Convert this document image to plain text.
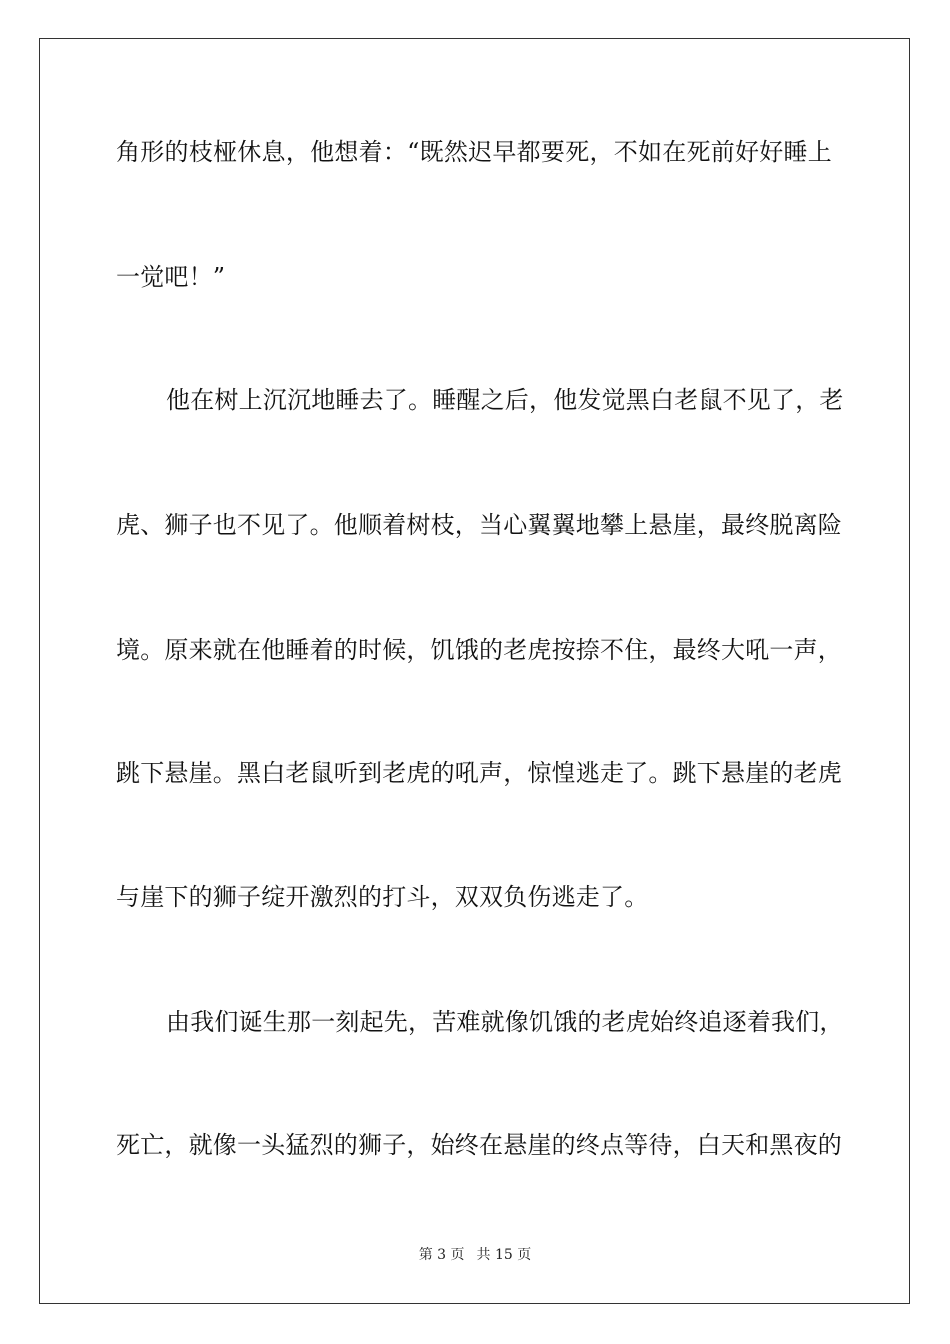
角形的枝桠休息，他想着：“既然迟早都要死，不如在死前好好睡上
一觉吧！”
他在树上沉沉地睡去了。睡醒之后，他发觉黑白老鼠不见了，老
虎、狮子也不见了。他顺着树枝，当心翼翼地攀上悬崖，最终脱离险
境。原来就在他睡着的时候，饥饿的老虎按捺不住，最终大吼一声，
跳下悬崖。黑白老鼠听到老虎的吼声，惊惶逃走了。跳下悬崖的老虎
与崖下的狮子绽开激烈的打斗，双双负伤逃走了。
由我们诞生那一刻起先，苦难就像饥饿的老虎始终追逐着我们，
死亡，就像一头猛烈的狮子，始终在悬崖的终点等待，白天和黑夜的
第 3 页 共 15 页
